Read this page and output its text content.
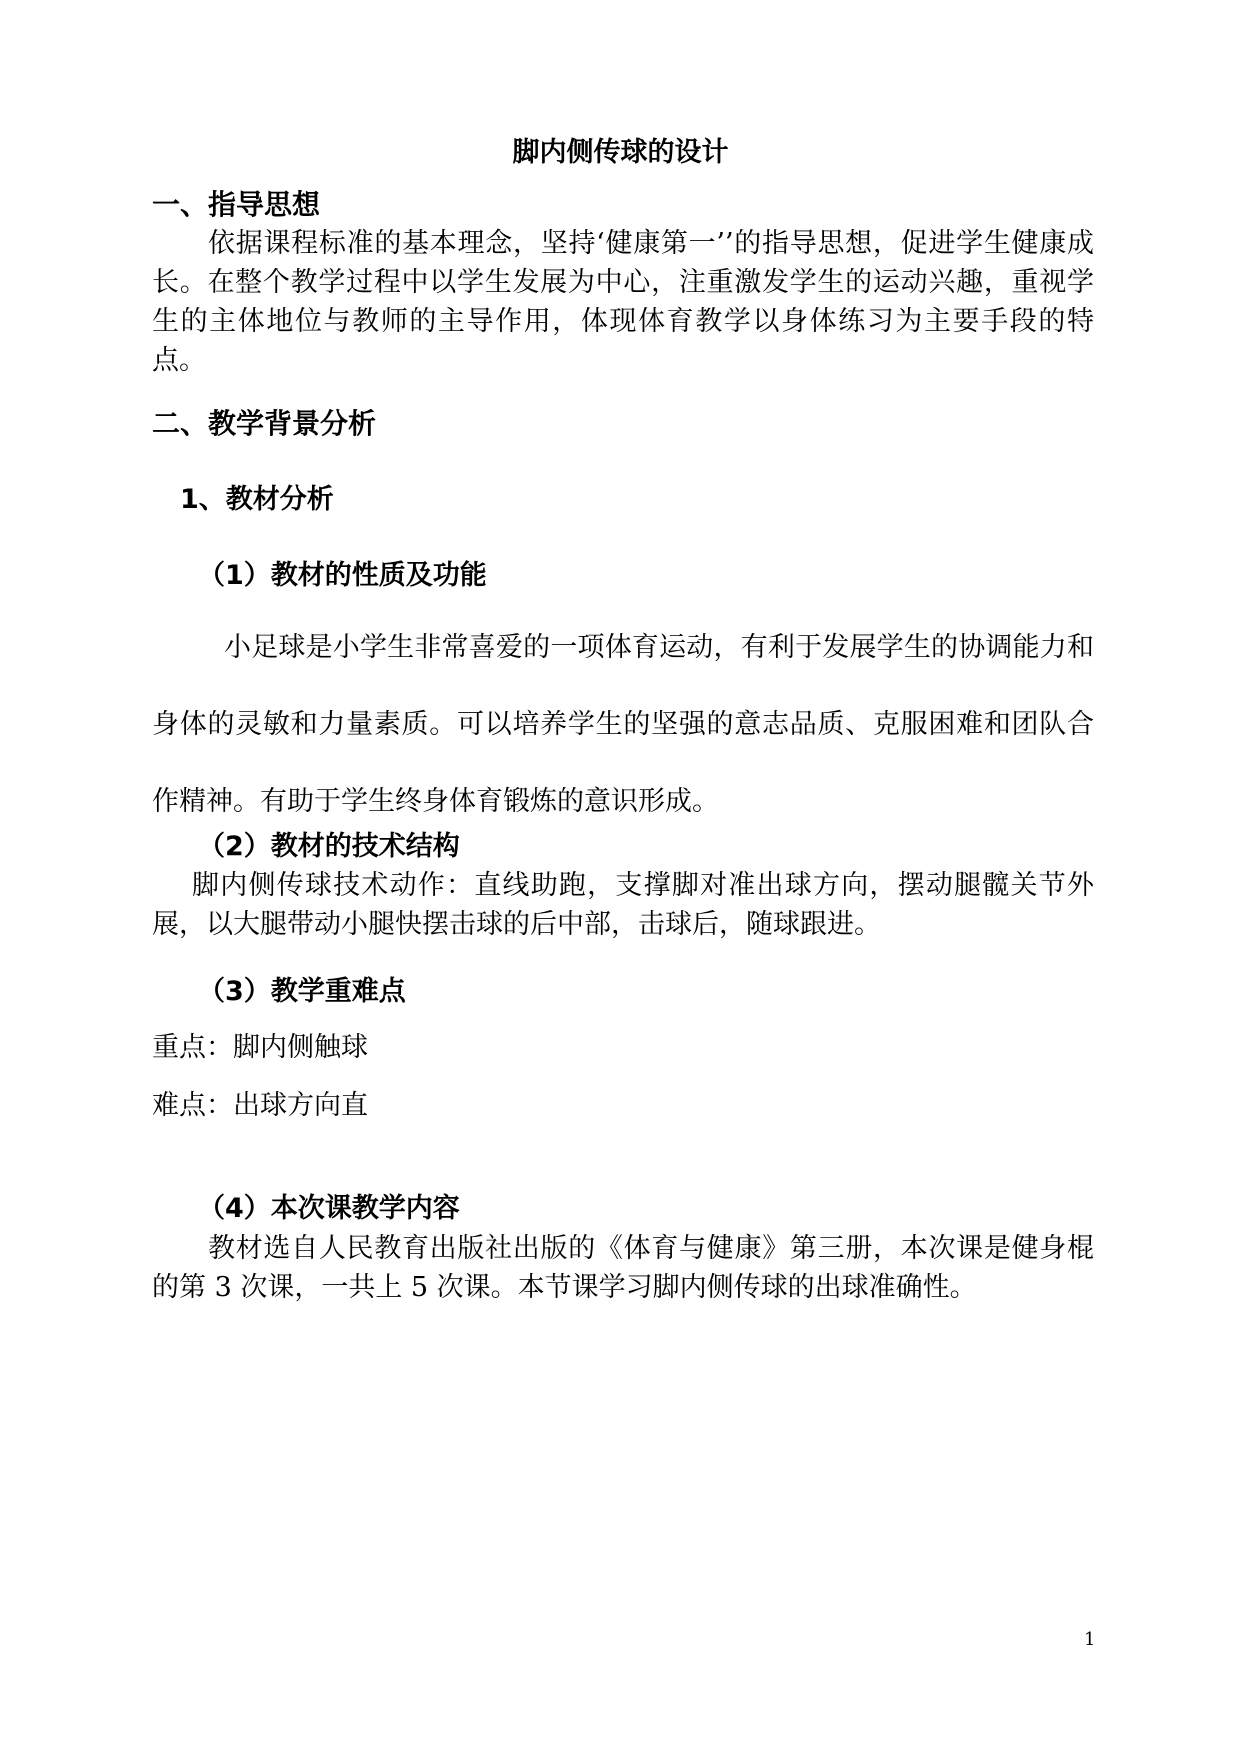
脚内侧传球的设计
一、指导思想

依据课程标准的基本理念，坚持‘健康第一’’的指导思想，促进学生健康成长。在整个教学过程中以学生发展为中心，注重激发学生的运动兴趣，重视学生的主体地位与教师的主导作用，体现体育教学以身体练习为主要手段的特点。

二、教学背景分析
1、教材分析
（1）教材的性质及功能

小足球是小学生非常喜爱的一项体育运动，有利于发展学生的协调能力和身体的灵敏和力量素质。可以培养学生的坚强的意志品质、克服困难和团队合作精神。有助于学生终身体育锻炼的意识形成。

（2）教材的技术结构

脚内侧传球技术动作：直线助跑，支撑脚对准出球方向，摆动腿髋关节外展，以大腿带动小腿快摆击球的后中部，击球后，随球跟进。

（3）教学重难点
重点：脚内侧触球
难点：出球方向直
（4）本次课教学内容

教材选自人民教育出版社出版的《体育与健康》第三册，本次课是健身棍的第 3 次课，一共上 5 次课。本节课学习脚内侧传球的出球准确性。

1
